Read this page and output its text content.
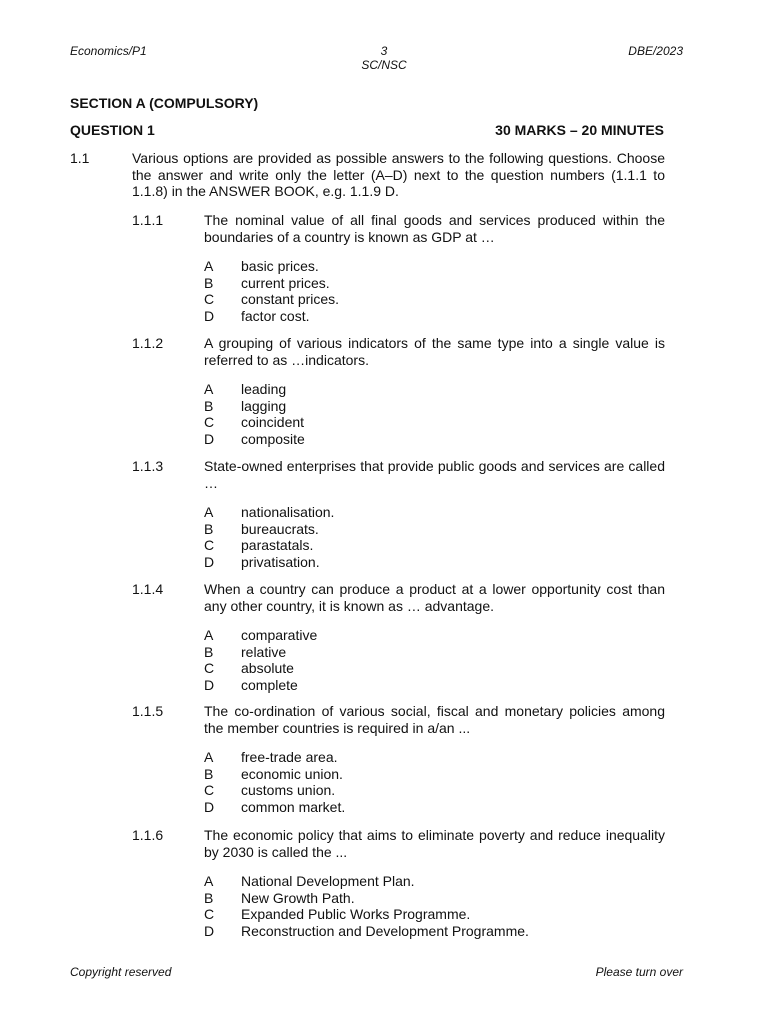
Economics/P1	3
SC/NSC
DBE/2023
SECTION A (COMPULSORY)
QUESTION 1	30 MARKS – 20 MINUTES
1.1	Various options are provided as possible answers to the following questions. Choose the answer and write only the letter (A–D) next to the question numbers (1.1.1 to 1.1.8) in the ANSWER BOOK, e.g. 1.1.9 D.
1.1.1	The nominal value of all final goods and services produced within the boundaries of a country is known as GDP at …
A basic prices.
B current prices.
C constant prices.
D factor cost.
1.1.2	A grouping of various indicators of the same type into a single value is referred to as …indicators.
A leading
B lagging
C coincident
D composite
1.1.3	State-owned enterprises that provide public goods and services are called …
A nationalisation.
B bureaucrats.
C parastatals.
D privatisation.
1.1.4	When a country can produce a product at a lower opportunity cost than any other country, it is known as … advantage.
A comparative
B relative
C absolute
D complete
1.1.5	The co-ordination of various social, fiscal and monetary policies among the member countries is required in a/an ...
A free-trade area.
B economic union.
C customs union.
D common market.
1.1.6	The economic policy that aims to eliminate poverty and reduce inequality by 2030 is called the ...
A National Development Plan.
B New Growth Path.
C Expanded Public Works Programme.
D Reconstruction and Development Programme.
Copyright reserved	Please turn over
